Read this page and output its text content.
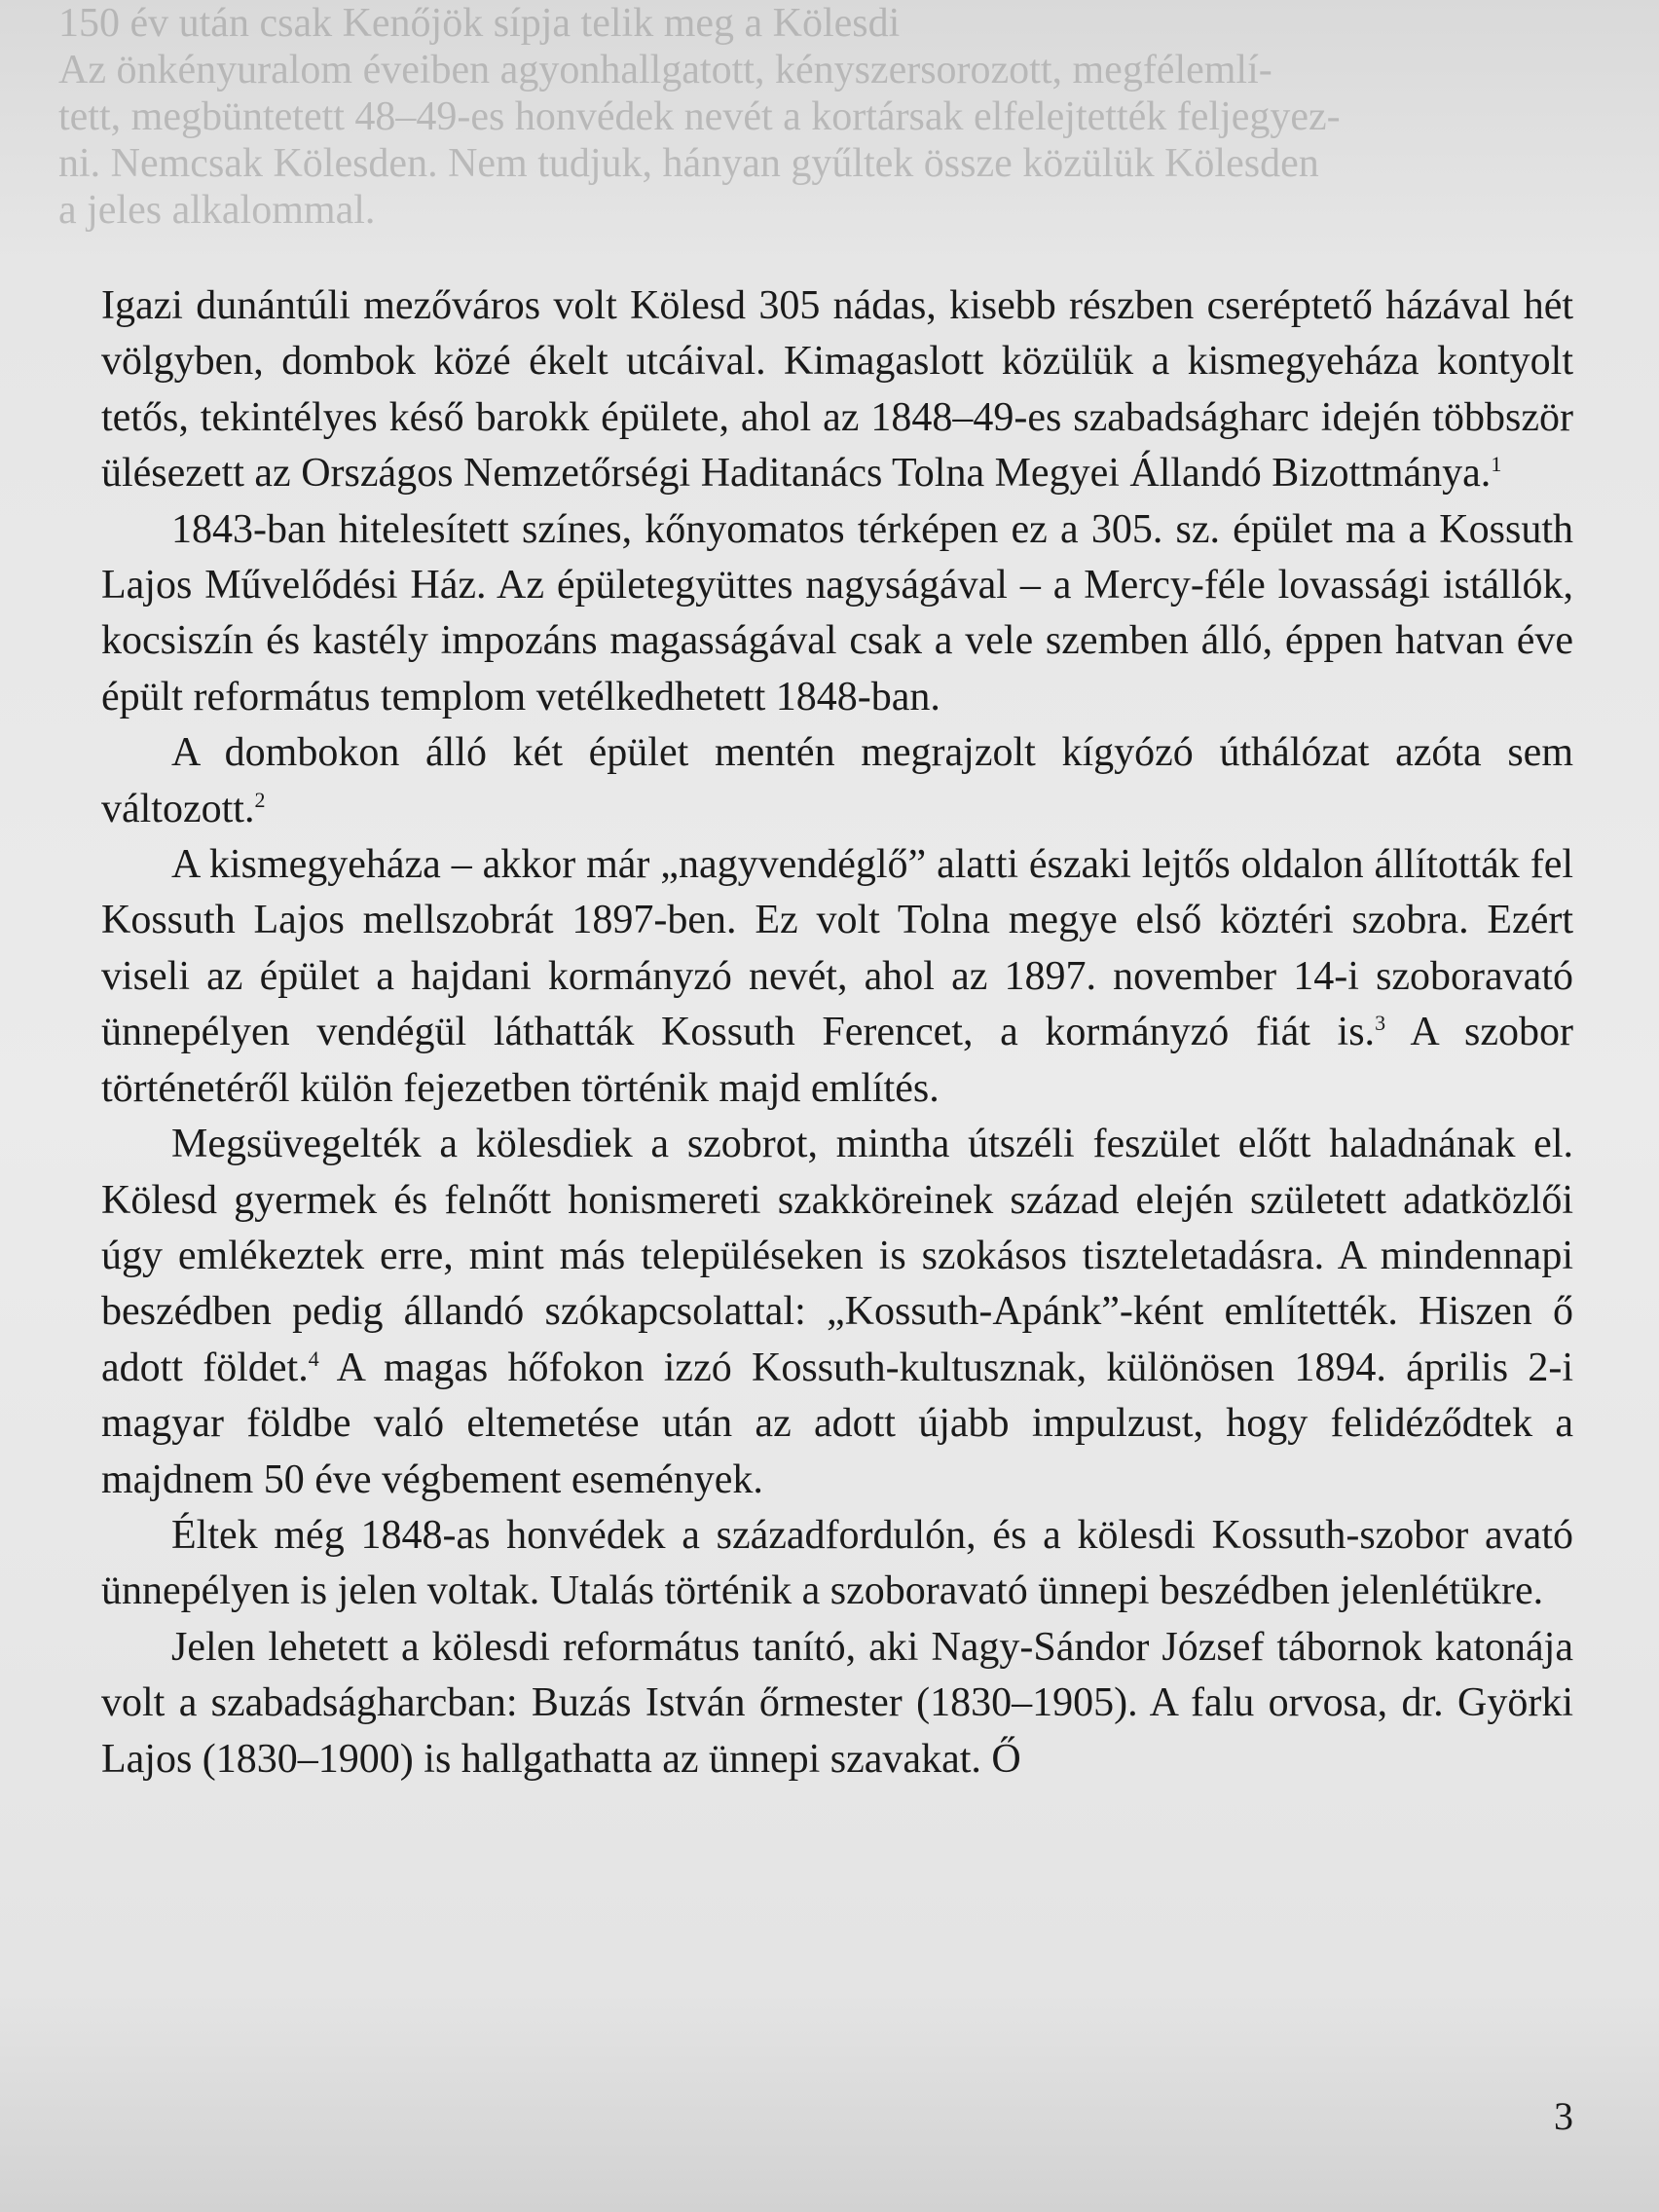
150 év után csak Kenőjök sípja telik meg a Kölesdi

Az önkényuralom éveiben agyonhallgatott, kényszersorozott, megfélemlí-

tett, megbüntetett 48–49-es honvédek nevét a kortársak elfelejtették feljegyez-

ni. Nemcsak Kölesden. Nem tudjuk, hányan gyűltek össze közülük Kölesden

a jeles alkalommal.

Igazi dunántúli mezőváros volt Kölesd 305 nádas, kisebb részben cseréptető házával hét völgyben, dombok közé ékelt utcáival. Kimagaslott közülük a kismegyeháza kontyolt tetős, tekintélyes késő barokk épülete, ahol az 1848–49-es szabadságharc idején többször ülésezett az Országos Nemzetőrségi Haditanács Tolna Megyei Állandó Bizottmánya.$^1$

1843-ban hitelesített színes, kőnyomatos térképen ez a 305. sz. épület ma a Kossuth Lajos Művelődési Ház. Az épületegyüttes nagyságával – a Mercy-féle lovassági istállók, kocsiszín és kastély impozáns magasságával csak a vele szemben álló, éppen hatvan éve épült református templom vetélkedhetett 1848-ban.

A dombokon álló két épület mentén megrajzolt kígyózó úthálózat azóta sem változott.$^2$

A kismegyeháza – akkor már „nagyvendéglő” alatti északi lejtős oldalon állították fel Kossuth Lajos mellszobrát 1897-ben. Ez volt Tolna megye első köztéri szobra. Ezért viseli az épület a hajdani kormányzó nevét, ahol az 1897. november 14-i szoboravató ünnepélyen vendégül láthatták Kossuth Ferencet, a kormányzó fiát is.$^3$ A szobor történetéről külön fejezetben történik majd említés.

Megsüvegelték a kölesdiek a szobrot, mintha útszéli feszület előtt haladnának el. Kölesd gyermek és felnőtt honismereti szakköreinek század elején született adatközlői úgy emlékeztek erre, mint más településeken is szokásos tiszteletadásra. A mindennapi beszédben pedig állandó szókapcsolattal: „Kossuth-Apánk”-ként említették. Hiszen ő adott földet.$^4$ A magas hőfokon izzó Kossuth-kultusznak, különösen 1894. április 2-i magyar földbe való eltemetése után az adott újabb impulzust, hogy felidéződtek a majdnem 50 éve végbement események.

Éltek még 1848-as honvédek a századfordulón, és a kölesdi Kossuth-szobor avató ünnepélyen is jelen voltak. Utalás történik a szoboravató ünnepi beszédben jelenlétükre.

Jelen lehetett a kölesdi református tanító, aki Nagy-Sándor József tábornok katonája volt a szabadságharcban: Buzás István őrmester (1830–1905). A falu orvosa, dr. Györki Lajos (1830–1900) is hallgathatta az ünnepi szavakat. Ő

3
